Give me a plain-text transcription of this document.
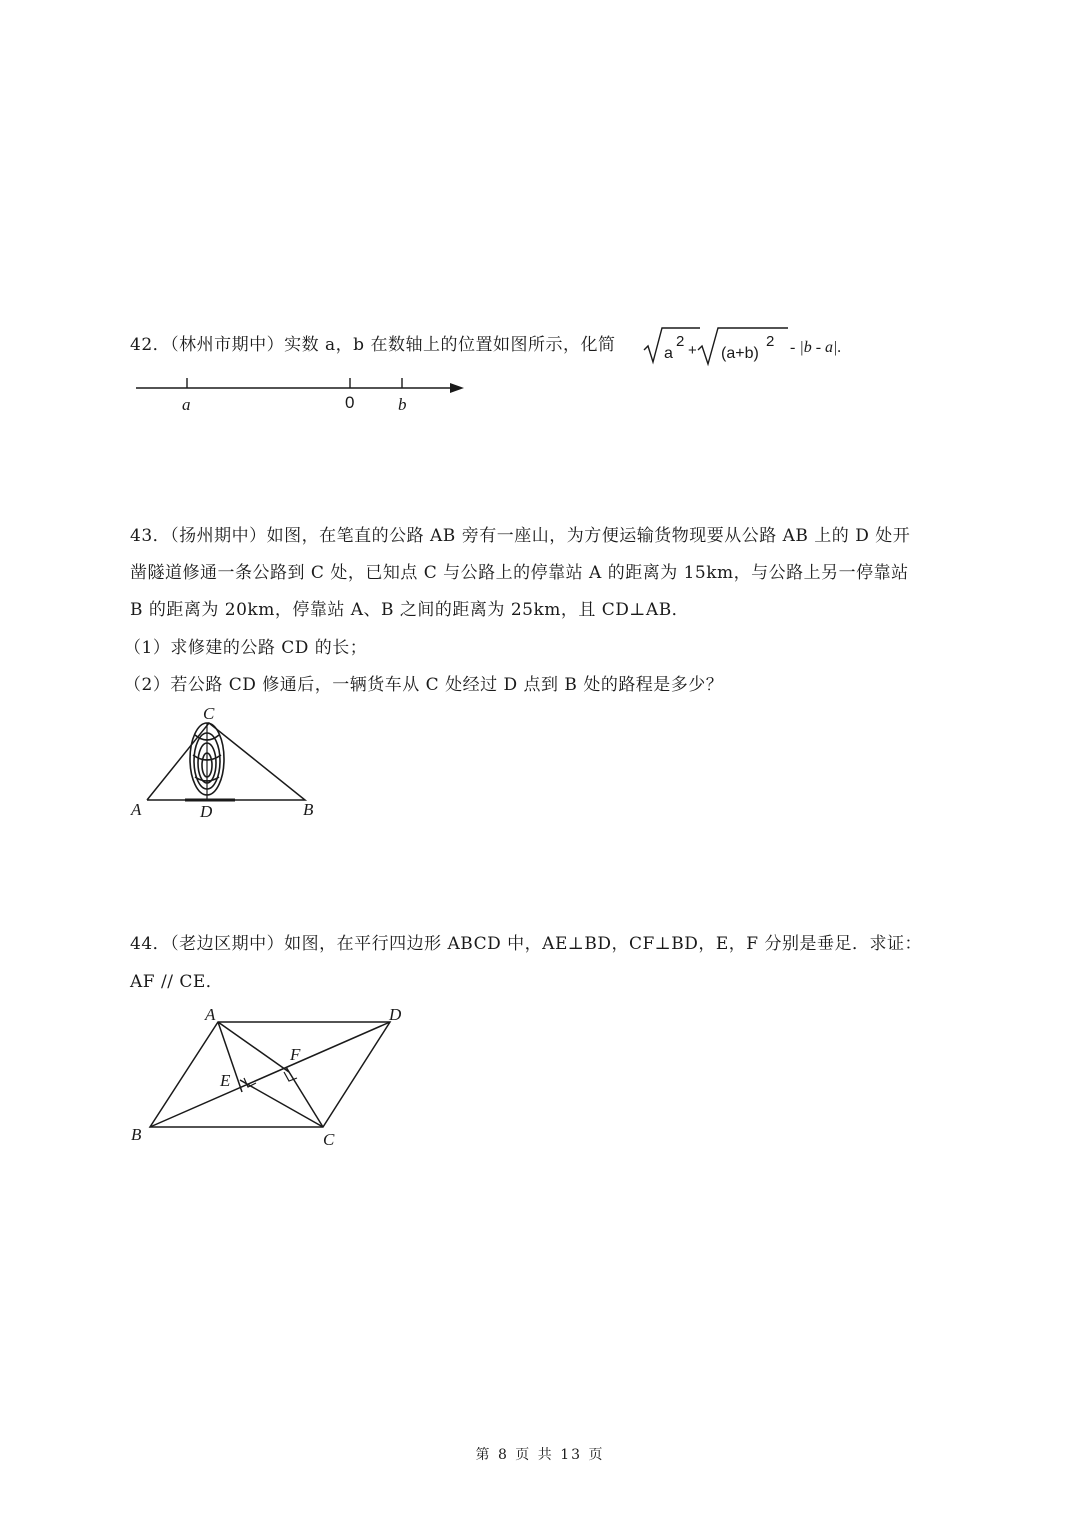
42．（林州市期中）实数 a，b 在数轴上的位置如图所示，化简	a
2
+ (a+b)
2 - |b - a|.
a	0	b
43．（扬州期中）如图，在笔直的公路 AB 旁有一座山，为方便运输货物现要从公路 AB 上的 D 处开
凿隧道修通一条公路到 C 处，已知点 C 与公路上的停靠站 A 的距离为 15km，与公路上另一停靠站
B 的距离为 20km，停靠站 A、B 之间的距离为 25km，且 CD⊥AB．
（1）求修建的公路 CD 的长；
（2）若公路 CD 修通后，一辆货车从 C 处经过 D 点到 B 处的路程是多少？
C
A	D	B
44．（老边区期中）如图，在平行四边形 ABCD 中，AE⊥BD，CF⊥BD，E，F 分别是垂足．求证：
AF // CE．
A	D
B	C
E
F
第 8 页 共 13 页
